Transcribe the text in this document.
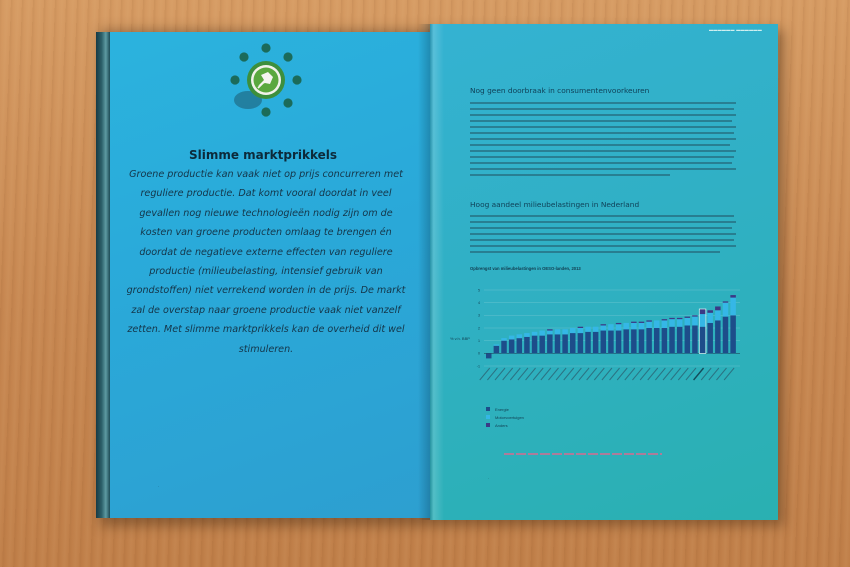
Slimme marktprikkels
Groene productie kan vaak niet op prijs concurreren met reguliere productie. Dat komt vooral doordat in veel gevallen nog nieuwe technologieën nodig zijn om de kosten van groene producten omlaag te brengen én doordat de negatieve externe effecten van reguliere productie (milieubelasting, intensief gebruik van grondstoffen) niet verrekend worden in de prijs. De markt zal de overstap naar groene productie vaak niet vanzelf zetten. Met slimme marktprikkels kan de overheid dit wel stimuleren.
·
▬▬▬▬▬▬ ▬▬▬▬▬▬
Nog geen doorbraak in consumentenvoorkeuren
Hoog aandeel milieubelastingen in Nederland
Opbrengst van milieubelastingen in OESO-landen, 2013
% v.h. BBP
-1
0
1
2
3
4
5
Energie
Motorvoertuigen
Anders
·
